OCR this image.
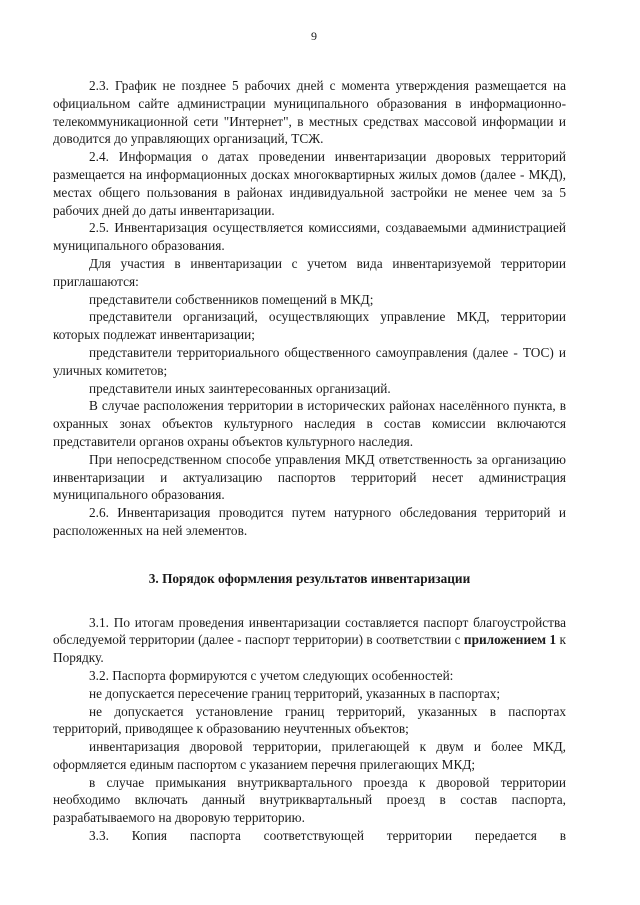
9

2.3. График не позднее 5 рабочих дней с момента утверждения размещается на официальном сайте администрации муниципального образования в информационно-телекоммуникационной сети "Интернет", в местных средствах массовой информации и доводится до управляющих организаций, ТСЖ.

2.4. Информация о датах проведении инвентаризации дворовых территорий размещается на информационных досках многоквартирных жилых домов (далее - МКД), местах общего пользования в районах индивидуальной застройки не менее чем за 5 рабочих дней до даты инвентаризации.

2.5. Инвентаризация осуществляется комиссиями, создаваемыми администрацией муниципального образования.

Для участия в инвентаризации с учетом вида инвентаризуемой территории приглашаются:

представители собственников помещений в МКД;

представители организаций, осуществляющих управление МКД, территории которых подлежат инвентаризации;

представители территориального общественного самоуправления (далее - ТОС) и уличных комитетов;

представители иных заинтересованных организаций.

В случае расположения территории в исторических районах населённого пункта, в охранных зонах объектов культурного наследия в состав комиссии включаются представители органов охраны объектов культурного наследия.

При непосредственном способе управления МКД ответственность за организацию инвентаризации и актуализацию паспортов территорий несет администрация муниципального образования.

2.6. Инвентаризация проводится путем натурного обследования территорий и расположенных на ней элементов.

3. Порядок оформления результатов инвентаризации

3.1. По итогам проведения инвентаризации составляется паспорт благоустройства обследуемой территории (далее - паспорт территории) в соответствии с приложением 1 к Порядку.

3.2. Паспорта формируются с учетом следующих особенностей:

не допускается пересечение границ территорий, указанных в паспортах;

не допускается установление границ территорий, указанных в паспортах территорий, приводящее к образованию неучтенных объектов;

инвентаризация дворовой территории, прилегающей к двум и более МКД, оформляется единым паспортом с указанием перечня прилегающих МКД;

в случае примыкания внутриквартального проезда к дворовой территории необходимо включать данный внутриквартальный проезд в состав паспорта, разрабатываемого на дворовую территорию.

3.3. Копия паспорта соответствующей территории передается в
